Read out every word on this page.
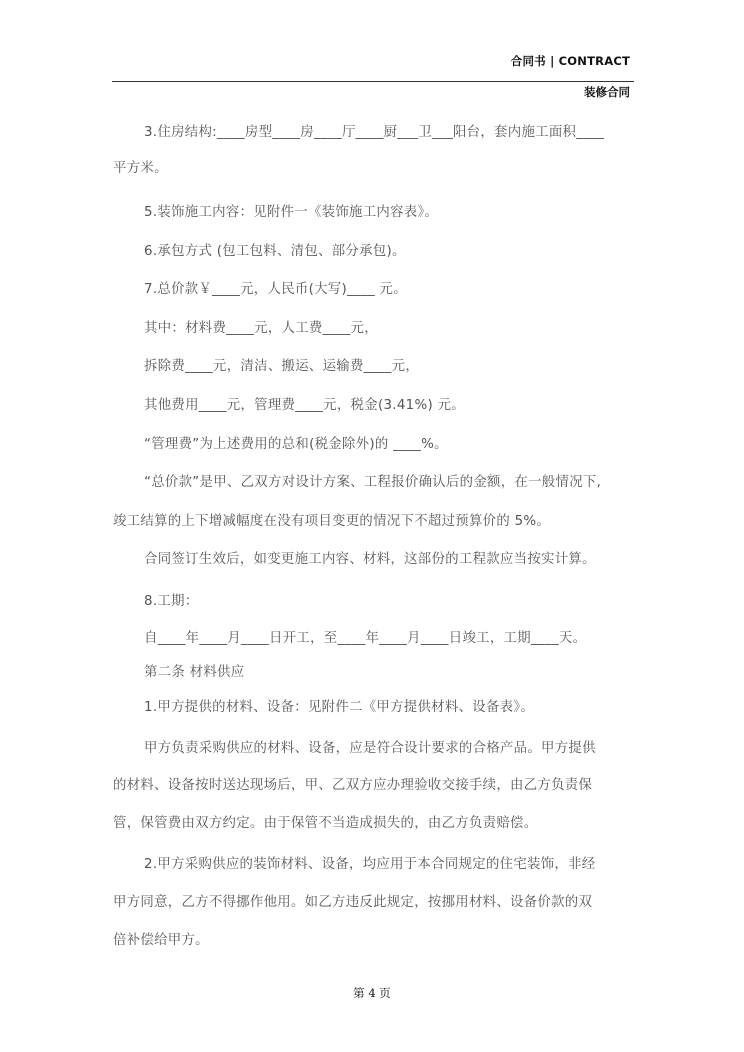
合同书 | CONTRACT
装修合同
3.住房结构:____房型____房____厅____厨___卫___阳台，套内施工面积____
平方米。
5.装饰施工内容：见附件一《装饰施工内容表》。
6.承包方式 (包工包料、清包、部分承包)。
7.总价款￥____元，人民币(大写)____ 元。
其中：材料费____元，人工费____元，
拆除费____元，清洁、搬运、运输费____元，
其他费用____元，管理费____元，税金(3.41%) 元。
“管理费”为上述费用的总和(税金除外)的 ____%。
“总价款”是甲、乙双方对设计方案、工程报价确认后的金额，在一般情况下,
竣工结算的上下增减幅度在没有项目变更的情况下不超过预算价的 5%。
合同签订生效后，如变更施工内容、材料，这部份的工程款应当按实计算。
8.工期：
自____年____月____日开工，至____年____月____日竣工，工期____天。
第二条 材料供应
1.甲方提供的材料、设备：见附件二《甲方提供材料、设备表》。
甲方负责采购供应的材料、设备，应是符合设计要求的合格产品。甲方提供
的材料、设备按时送达现场后，甲、乙双方应办理验收交接手续，由乙方负责保
管，保管费由双方约定。由于保管不当造成损失的，由乙方负责赔偿。
2.甲方采购供应的装饰材料、设备，均应用于本合同规定的住宅装饰，非经
甲方同意，乙方不得挪作他用。如乙方违反此规定，按挪用材料、设备价款的双
倍补偿给甲方。
第 4 页
